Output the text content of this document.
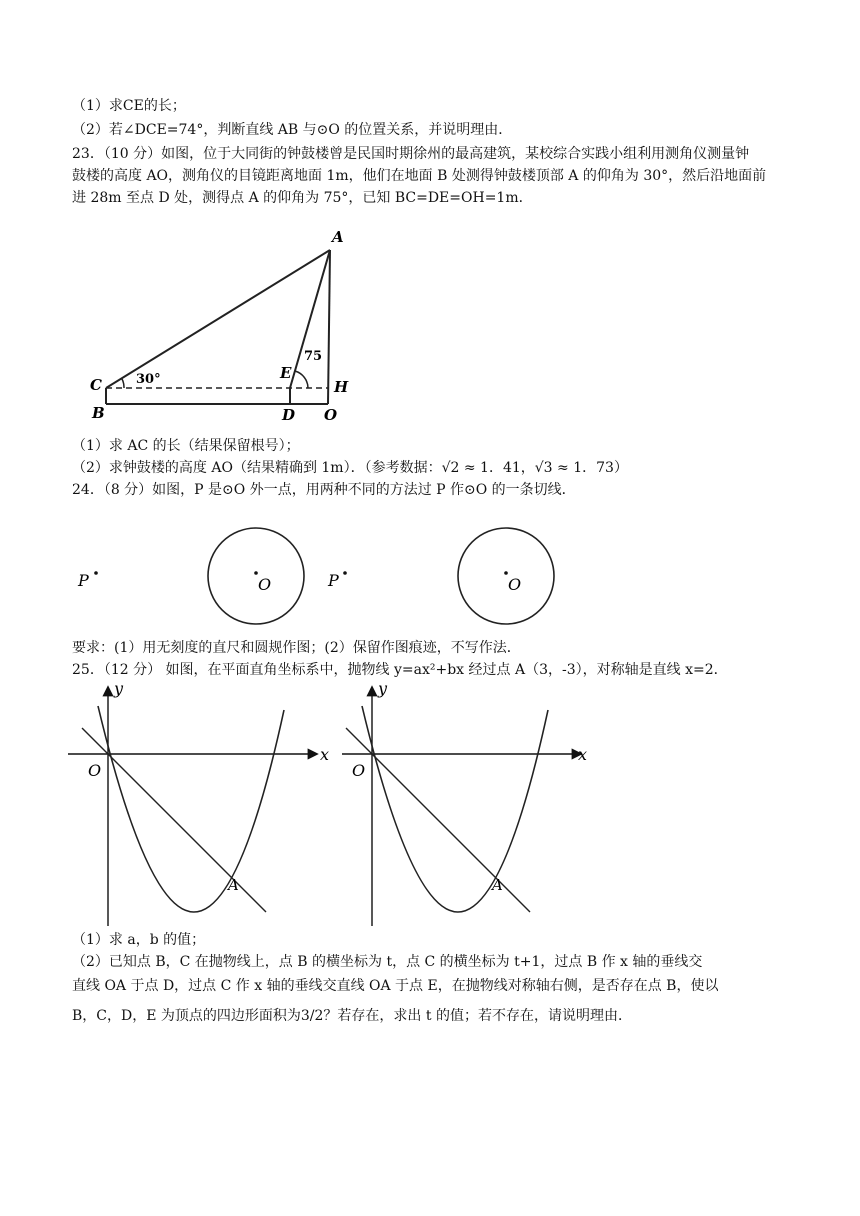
（1）求CE的长；
（2）若∠DCE=74°，判断直线 AB 与⊙O 的位置关系，并说明理由．
23．（10 分）如图，位于大同街的钟鼓楼曾是民国时期徐州的最高建筑，某校综合实践小组利用测角仪测量钟
鼓楼的高度 AO，测角仪的目镜距离地面 1m，他们在地面 B 处测得钟鼓楼顶部 A 的仰角为 30°，然后沿地面前
进 28m 至点 D 处，测得点 A 的仰角为 75°，已知 BC=DE=OH=1m．
A
C
B
E
D
H
O
30°
75
（1）求 AC 的长（结果保留根号）；
（2）求钟鼓楼的高度 AO（结果精确到 1m）．（参考数据：√2 ≈ 1．41，√3 ≈ 1．73）
24．（8 分）如图，P 是⊙O 外一点，用两种不同的方法过 P 作⊙O 的一条切线．
P	O	P	O
要求：(1）用无刻度的直尺和圆规作图；(2）保留作图痕迹，不写作法．
25．（12 分） 如图，在平面直角坐标系中，抛物线 y=ax²+bx 经过点 A（3，-3），对称轴是直线 x=2．
x
y
O
A
x
y
O
A
（1）求 a，b 的值；
（2）已知点 B，C 在抛物线上，点 B 的横坐标为 t，点 C 的横坐标为 t+1，过点 B 作 x 轴的垂线交
直线 OA 于点 D，过点 C 作 x 轴的垂线交直线 OA 于点 E，在抛物线对称轴右侧，是否存在点 B，使以
B，C，D，E 为顶点的四边形面积为3/2？若存在，求出 t 的值；若不存在，请说明理由．
